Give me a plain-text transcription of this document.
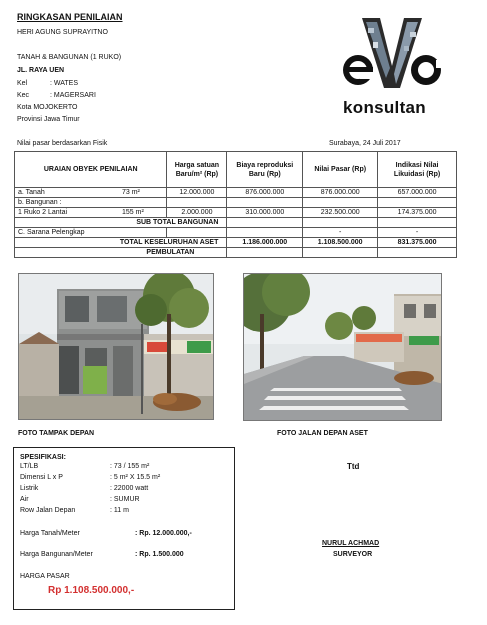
RINGKASAN PENILAIAN
HERI AGUNG SUPRAYITNO
TANAH & BANGUNAN (1 RUKO)
JL. RAYA UEN
Kel	: WATES
Kec	: MAGERSARI
Kota MOJOKERTO
Provinsi Jawa Timur
konsultan
Nilai pasar berdasarkan Fisik	Surabaya, 24 Juli 2017
URAIAN OBYEK PENILAIAN	Harga satuan Baru/m² (Rp)	Biaya reproduksi Baru (Rp)	Nilai Pasar (Rp)	Indikasi Nilai Likuidasi (Rp)
a. Tanah 73 m²	12.000.000	876.000.000	876.000.000	657.000.000
b. Bangunan :				
1 Ruko 2 Lantai 155 m²	2.000.000	310.000.000	232.500.000	174.375.000
SUB TOTAL BANGUNAN				
C. Sarana Pelengkap			-	-
TOTAL KESELURUHAN ASET		1.186.000.000	1.108.500.000	831.375.000
PEMBULATAN				
FOTO TAMPAK DEPAN	FOTO JALAN DEPAN ASET
SPESIFIKASI:
LT/LB	: 73 / 155 m²
Dimensi L x P	: 5 m² X 15.5 m²
Listrik	: 22000 watt
Air	: SUMUR
Row Jalan Depan	: 11 m
Harga Tanah/Meter	: Rp. 12.000.000,-
Harga Bangunan/Meter	: Rp. 1.500.000
HARGA PASAR
Rp 1.108.500.000,-
Ttd
NURUL ACHMAD
SURVEYOR
